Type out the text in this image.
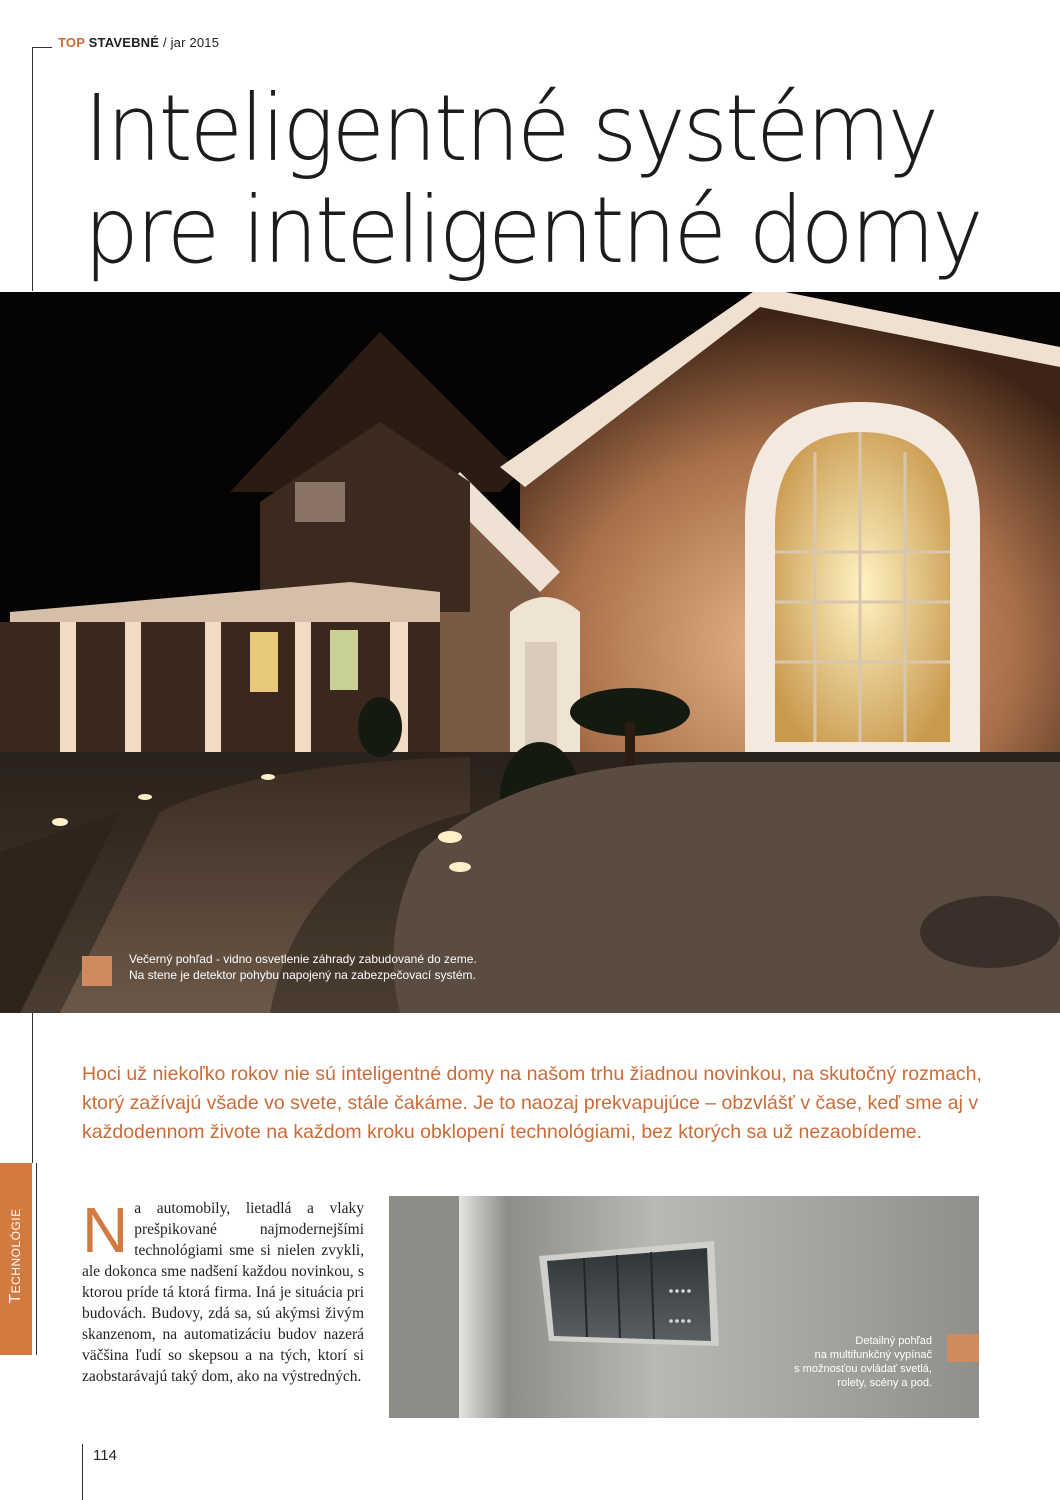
TOP STAVEBNÉ / jar 2015
Inteligentné systémy
pre inteligentné domy
Večerný pohľad - vidno osvetlenie záhrady zabudované do zeme.
Na stene je detektor pohybu napojený na zabezpečovací systém.

Hoci už niekoľko rokov nie sú inteligentné domy na našom trhu žiadnou novinkou, na skutočný rozmach, ktorý zažívajú všade vo svete, stále čakáme. Je to naozaj prekvapujúce – obzvlášť v čase, keď sme aj v každodennom živote na každom kroku obklopení technológiami, bez ktorých sa už nezaobídeme.

TECHNOLÓGIE Na automobily, lietadlá a vlaky prešpikované najmodernejšími technológiami sme si nielen zvykli, ale dokonca sme nadšení každou novinkou, s ktorou príde tá ktorá firma. Iná je situácia pri budovách. Budovy, zdá sa, sú akýmsi živým skanzenom, na automatizáciu budov nazerá väčšina ľudí so skepsou a na tých, ktorí si zaobstarávajú taký dom, ako na výstredných.

Detailný pohľad
na multifunkčný vypínač
s možnosťou ovládať svetlá,
rolety, scény a pod.
114
